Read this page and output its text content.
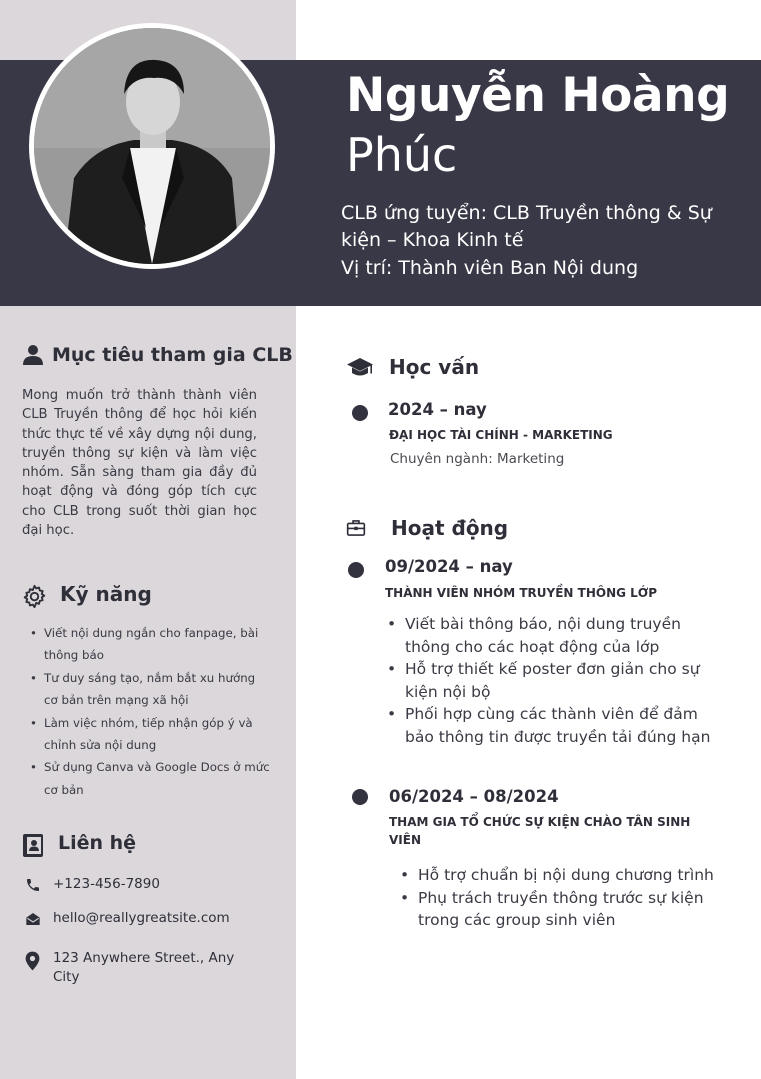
Nguyễn Hoàng
Phúc
CLB ứng tuyển: CLB Truyền thông & Sự kiện – Khoa Kinh tế
Vị trí: Thành viên Ban Nội dung
Mục tiêu tham gia CLB
Mong muốn trở thành thành viên CLB Truyền thông để học hỏi kiến thức thực tế về xây dựng nội dung, truyền thông sự kiện và làm việc nhóm. Sẵn sàng tham gia đầy đủ hoạt động và đóng góp tích cực cho CLB trong suốt thời gian học đại học.
Kỹ năng
• Viết nội dung ngắn cho fanpage, bài thông báo
• Tư duy sáng tạo, nắm bắt xu hướng cơ bản trên mạng xã hội
• Làm việc nhóm, tiếp nhận góp ý và chỉnh sửa nội dung
• Sử dụng Canva và Google Docs ở mức cơ bản
Liên hệ
+123-456-7890
hello@reallygreatsite.com
123 Anywhere Street., Any City
Học vấn
2024 – nay
ĐẠI HỌC TÀI CHÍNH - MARKETING
Chuyên ngành: Marketing
Hoạt động
09/2024 – nay
THÀNH VIÊN NHÓM TRUYỀN THÔNG LỚP
• Viết bài thông báo, nội dung truyền thông cho các hoạt động của lớp
• Hỗ trợ thiết kế poster đơn giản cho sự kiện nội bộ
• Phối hợp cùng các thành viên để đảm bảo thông tin được truyền tải đúng hạn
06/2024 – 08/2024
THAM GIA TỔ CHỨC SỰ KIỆN CHÀO TÂN SINH VIÊN
• Hỗ trợ chuẩn bị nội dung chương trình
• Phụ trách truyền thông trước sự kiện trong các group sinh viên
